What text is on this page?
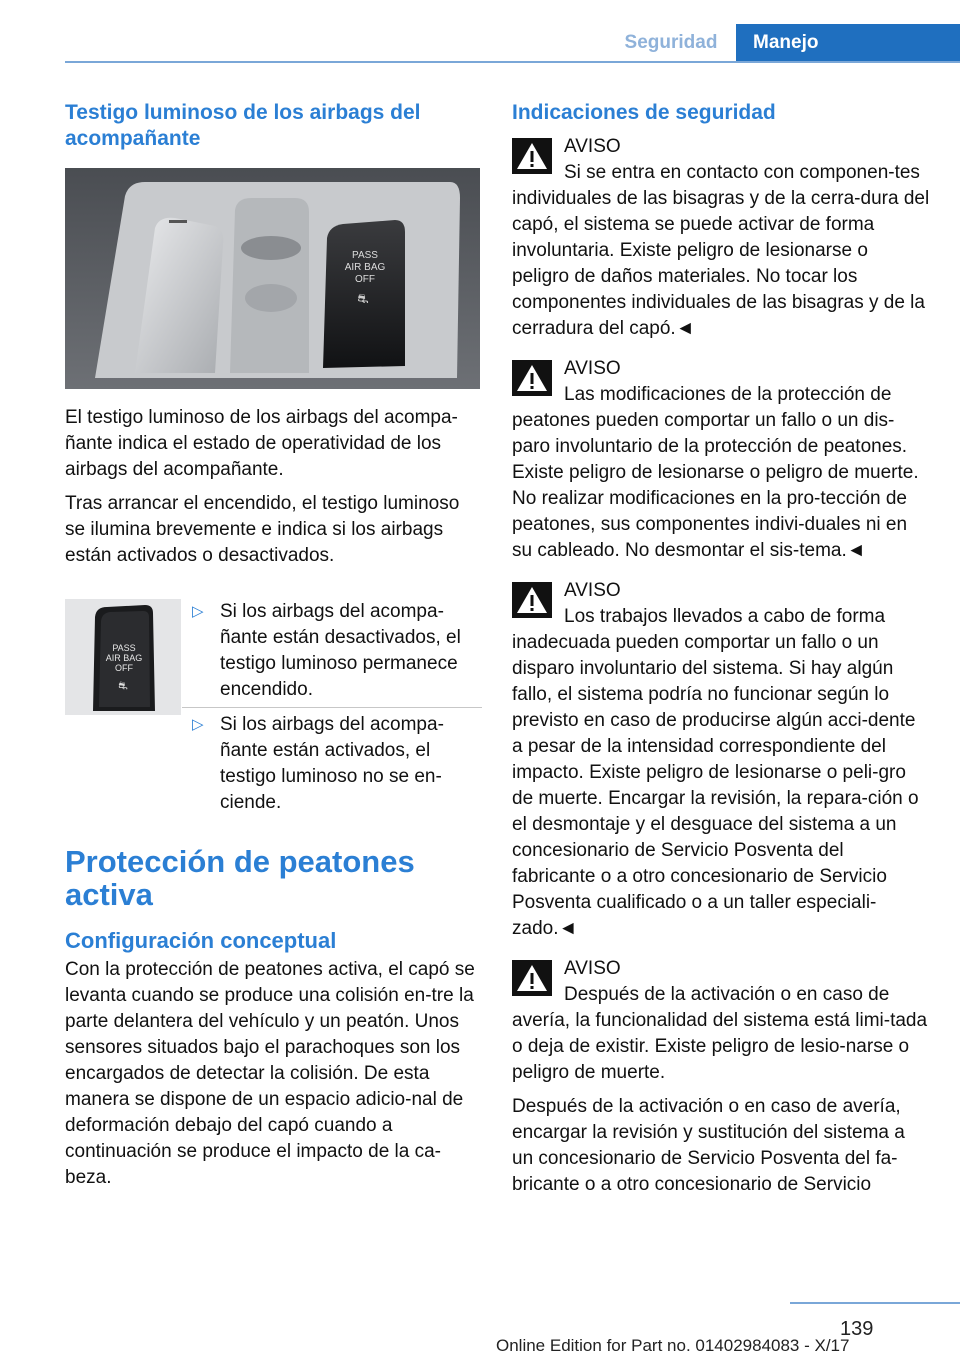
Seguridad	Manejo
Testigo luminoso de los airbags del acompañante
PASS
AIR BAG
OFF
⛐

El testigo luminoso de los airbags del acompa-ñante indica el estado de operatividad de los airbags del acompañante.

Tras arrancar el encendido, el testigo luminoso se ilumina brevemente e indica si los airbags están activados o desactivados.

PASS
AIR BAG
OFF
⛐
▷ Si los airbags del acompa-ñante están desactivados, el testigo luminoso permanece encendido.
▷ Si los airbags del acompa-ñante están activados, el testigo luminoso no se en-ciende.
Protección de peatones activa
Configuración conceptual

Con la protección de peatones activa, el capó se levanta cuando se produce una colisión en-tre la parte delantera del vehículo y un peatón. Unos sensores situados bajo el parachoques son los encargados de detectar la colisión. De esta manera se dispone de un espacio adicio-nal de deformación debajo del capó cuando a continuación se produce el impacto de la ca-beza.

Indicaciones de seguridad
AVISO

Si se entra en contacto con componen-tes individuales de las bisagras y de la cerra-dura del capó, el sistema se puede activar de forma involuntaria. Existe peligro de lesionarse o peligro de daños materiales. No tocar los componentes individuales de las bisagras y de la cerradura del capó.◄

AVISO

Las modificaciones de la protección de peatones pueden comportar un fallo o un dis-paro involuntario de la protección de peatones. Existe peligro de lesionarse o peligro de muerte. No realizar modificaciones en la pro-tección de peatones, sus componentes indivi-duales ni en su cableado. No desmontar el sis-tema.◄

AVISO

Los trabajos llevados a cabo de forma inadecuada pueden comportar un fallo o un disparo involuntario del sistema. Si hay algún fallo, el sistema podría no funcionar según lo previsto en caso de producirse algún acci-dente a pesar de la intensidad correspondiente del impacto. Existe peligro de lesionarse o peli-gro de muerte. Encargar la revisión, la repara-ción o el desmontaje y el desguace del sistema a un concesionario de Servicio Posventa del fabricante o a otro concesionario de Servicio Posventa cualificado o a un taller especiali-zado.◄

AVISO

Después de la activación o en caso de avería, la funcionalidad del sistema está limi-tada o deja de existir. Existe peligro de lesio-narse o peligro de muerte.

Después de la activación o en caso de avería, encargar la revisión y sustitución del sistema a un concesionario de Servicio Posventa del fa-bricante o a otro concesionario de Servicio

139
Online Edition for Part no. 01402984083 - X/17
